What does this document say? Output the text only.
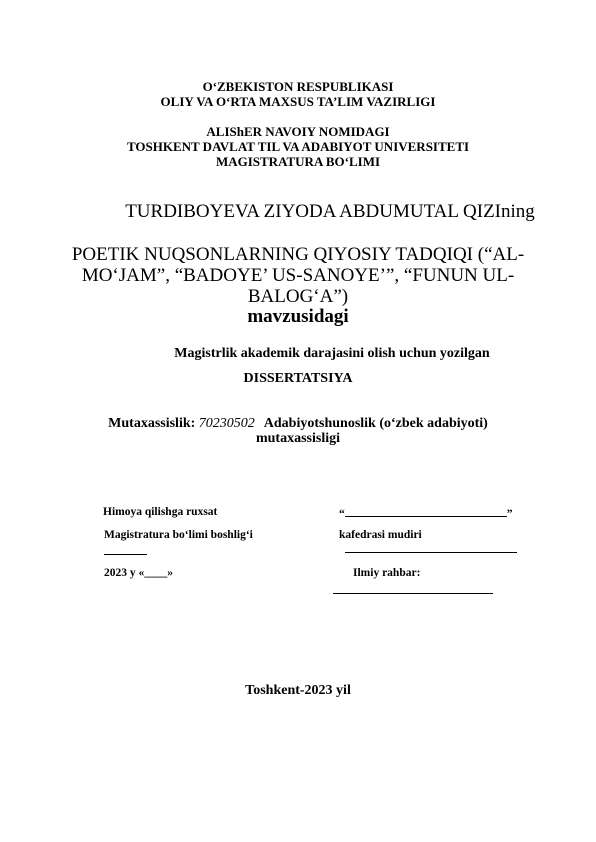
O‘ZBEKISTON RESPUBLIKASI
OLIY VA O‘RTA MAXSUS TA’LIM VAZIRLIGI
ALIShER NAVOIY NOMIDAGI
TOSHKENT DAVLAT TIL VA ADABIYOT UNIVERSITETI
MAGISTRATURA BO‘LIMI
TURDIBOYEVA ZIYODA ABDUMUTAL QIZIning
POETIK NUQSONLARNING QIYOSIY TADQIQI (“AL-
MO‘JAM”, “BADOYE’ US-SANOYE’”, “FUNUN UL-
BALOG‘A”)
mavzusidagi
Magistrlik akademik darajasini olish uchun yozilgan
DISSERTATSIYA
Mutaxassislik: 70230502 Adabiyotshunoslik (o‘zbek adabiyoti)
mutaxassisligi
Himoya qilishga ruxsat
Magistratura bo‘limi boshlig‘i
2023 y «____»
“	”
kafedrasi mudiri
Ilmiy rahbar:
Toshkent-2023 yil
